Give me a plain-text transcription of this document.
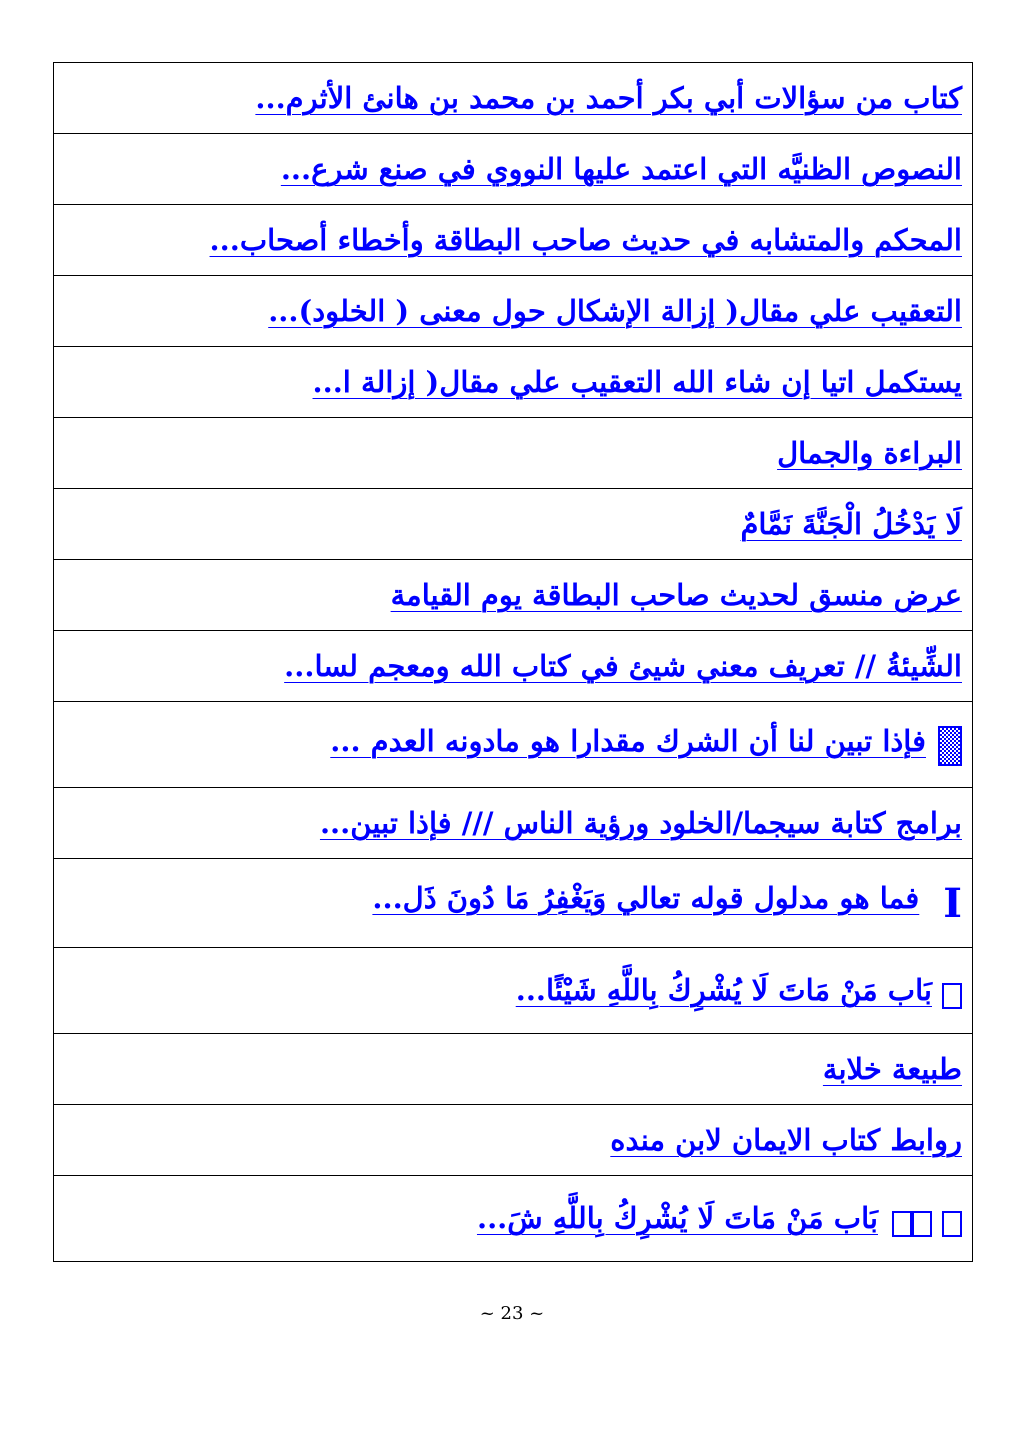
كتاب من سؤالات أبي بكر أحمد بن محمد بن هانئ الأثرم...
النصوص الظنيَّه التي اعتمد عليها النووي في صنع شرع...
المحكم والمتشابه في حديث صاحب البطاقة وأخطاء أصحاب...
التعقيب علي مقال( إزالة الإشكال حول معنى ( الخلود)...
يستكمل اتيا إن شاء الله التعقيب علي مقال( إزالة ا...
البراءة والجمال
لَا يَدْخُلُ الْجَنَّةَ نَمَّامٌ
عرض منسق لحديث صاحب البطاقة يوم القيامة
الشِّيئةُ // تعريف معني شيئ في كتاب الله ومعجم لسا...
فإذا تبين لنا أن الشرك مقدارا هو مادونه العدم ...
برامج كتابة سيجما/الخلود ورؤية الناس /// فإذا تبين...
Iفما هو مدلول قوله تعالي وَيَغْفِرُ مَا دُونَ ذَل...
بَاب مَنْ مَاتَ لَا يُشْرِكُ بِاللَّهِ شَيْئًا...
طبيعة خلابة
روابط كتاب الايمان لابن منده
بَاب مَنْ مَاتَ لَا يُشْرِكُ بِاللَّهِ شَ...
~ 23 ~
